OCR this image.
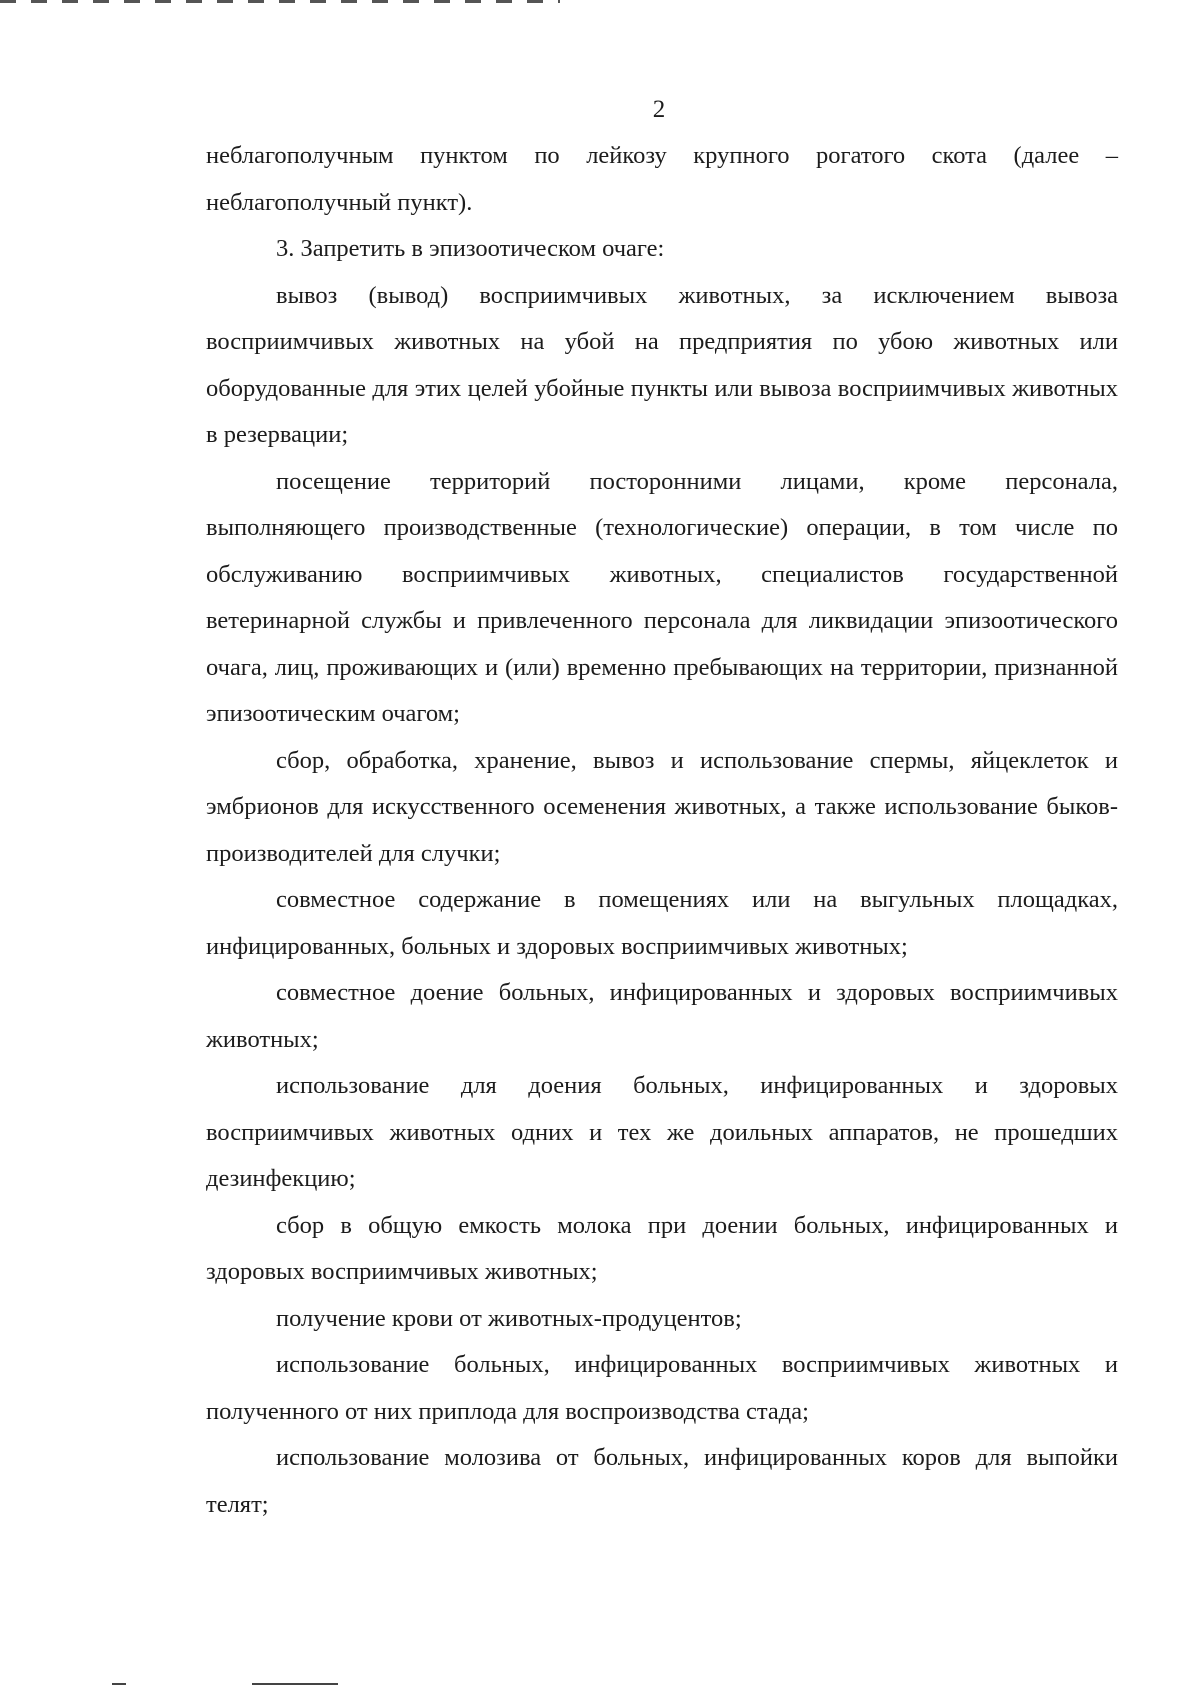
2

неблагополучным пунктом по лейкозу крупного рогатого скота (далее – неблагополучный пункт).

3. Запретить в эпизоотическом очаге:

вывоз (вывод) восприимчивых животных, за исключением вывоза восприимчивых животных на убой на предприятия по убою животных или оборудованные для этих целей убойные пункты или вывоза восприимчивых животных в резервации;

посещение территорий посторонними лицами, кроме персонала, выполняющего производственные (технологические) операции, в том числе по обслуживанию восприимчивых животных, специалистов государственной ветеринарной службы и привлеченного персонала для ликвидации эпизоотического очага, лиц, проживающих и (или) временно пребывающих на территории, признанной эпизоотическим очагом;

сбор, обработка, хранение, вывоз и использование спермы, яйцеклеток и эмбрионов для искусственного осеменения животных, а также использование быков-производителей для случки;

совместное содержание в помещениях или на выгульных площадках, инфицированных, больных и здоровых восприимчивых животных;

совместное доение больных, инфицированных и здоровых восприимчивых животных;

использование для доения больных, инфицированных и здоровых восприимчивых животных одних и тех же доильных аппаратов, не прошедших дезинфекцию;

сбор в общую емкость молока при доении больных, инфицированных и здоровых восприимчивых животных;

получение крови от животных-продуцентов;

использование больных, инфицированных восприимчивых животных и полученного от них приплода для воспроизводства стада;

использование молозива от больных, инфицированных коров для выпойки телят;
